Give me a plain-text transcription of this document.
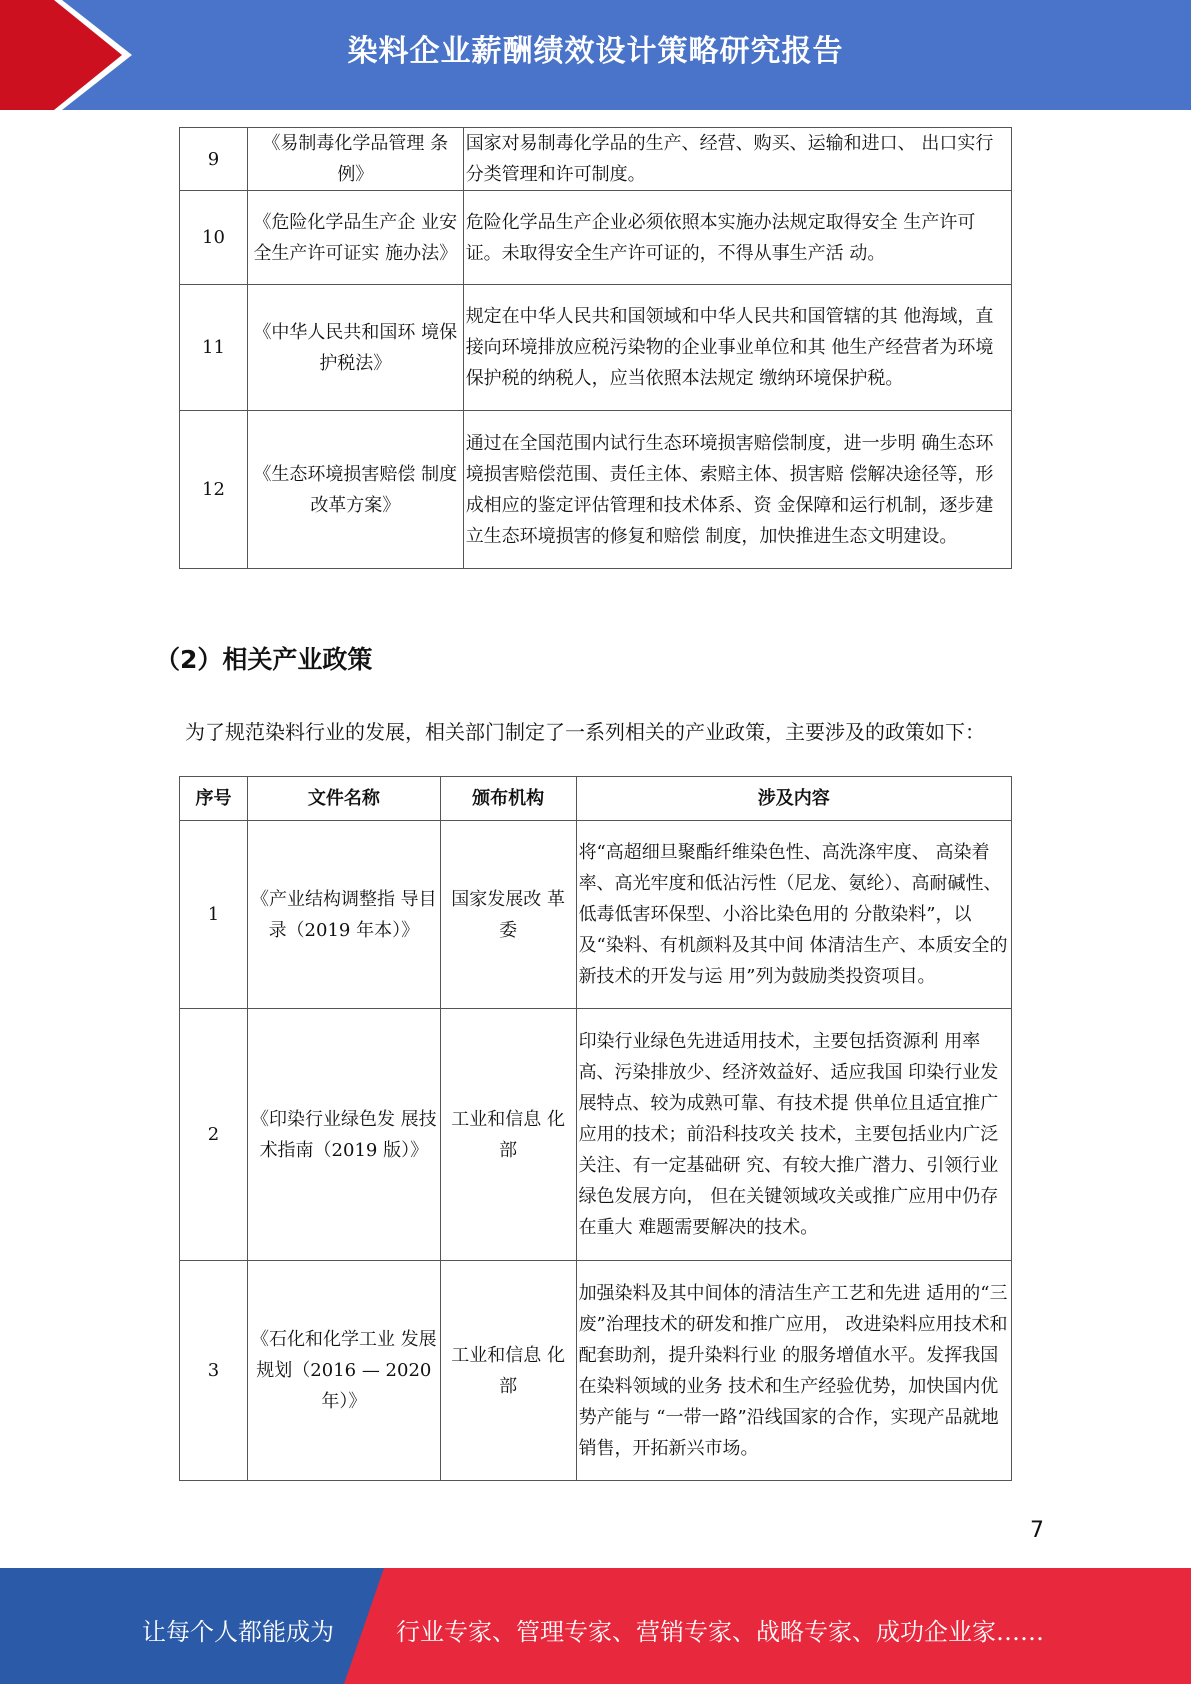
染料企业薪酬绩效设计策略研究报告
9	《易制毒化学品管理 条例》	国家对易制毒化学品的生产、经营、购买、运输和进口、 出口实行分类管理和许可制度。
10	《危险化学品生产企 业安全生产许可证实 施办法》	危险化学品生产企业必须依照本实施办法规定取得安全 生产许可证。未取得安全生产许可证的，不得从事生产活 动。
11	《中华人民共和国环 境保护税法》	规定在中华人民共和国领域和中华人民共和国管辖的其 他海域，直接向环境排放应税污染物的企业事业单位和其 他生产经营者为环境保护税的纳税人，应当依照本法规定 缴纳环境保护税。
12	《生态环境损害赔偿 制度改革方案》	通过在全国范围内试行生态环境损害赔偿制度，进一步明 确生态环境损害赔偿范围、责任主体、索赔主体、损害赔 偿解决途径等，形成相应的鉴定评估管理和技术体系、资 金保障和运行机制，逐步建立生态环境损害的修复和赔偿 制度，加快推进生态文明建设。
（2）相关产业政策
为了规范染料行业的发展，相关部门制定了一系列相关的产业政策，主要涉及的政策如下：
序号	文件名称	颁布机构	涉及内容
1	《产业结构调整指 导目录（2019 年本）》	国家发展改 革委	将“高超细旦聚酯纤维染色性、高洗涤牢度、 高染着率、高光牢度和低沾污性（尼龙、氨纶）、高耐碱性、低毒低害环保型、小浴比染色用的 分散染料”，以及“染料、有机颜料及其中间 体清洁生产、本质安全的新技术的开发与运 用”列为鼓励类投资项目。
2	《印染行业绿色发 展技术指南（2019 版）》	工业和信息 化部	印染行业绿色先进适用技术，主要包括资源利 用率高、污染排放少、经济效益好、适应我国 印染行业发展特点、较为成熟可靠、有技术提 供单位且适宜推广应用的技术；前沿科技攻关 技术，主要包括业内广泛关注、有一定基础研 究、有较大推广潜力、引领行业绿色发展方向， 但在关键领域攻关或推广应用中仍存在重大 难题需要解决的技术。
3	《石化和化学工业 发展规划（2016 — 2020 年）》	工业和信息 化部	加强染料及其中间体的清洁生产工艺和先进 适用的“三废”治理技术的研发和推广应用， 改进染料应用技术和配套助剂，提升染料行业 的服务增值水平。发挥我国在染料领域的业务 技术和生产经验优势，加快国内优势产能与 “一带一路”沿线国家的合作，实现产品就地 销售，开拓新兴市场。
7
让每个人都能成为	行业专家、管理专家、营销专家、战略专家、成功企业家……
